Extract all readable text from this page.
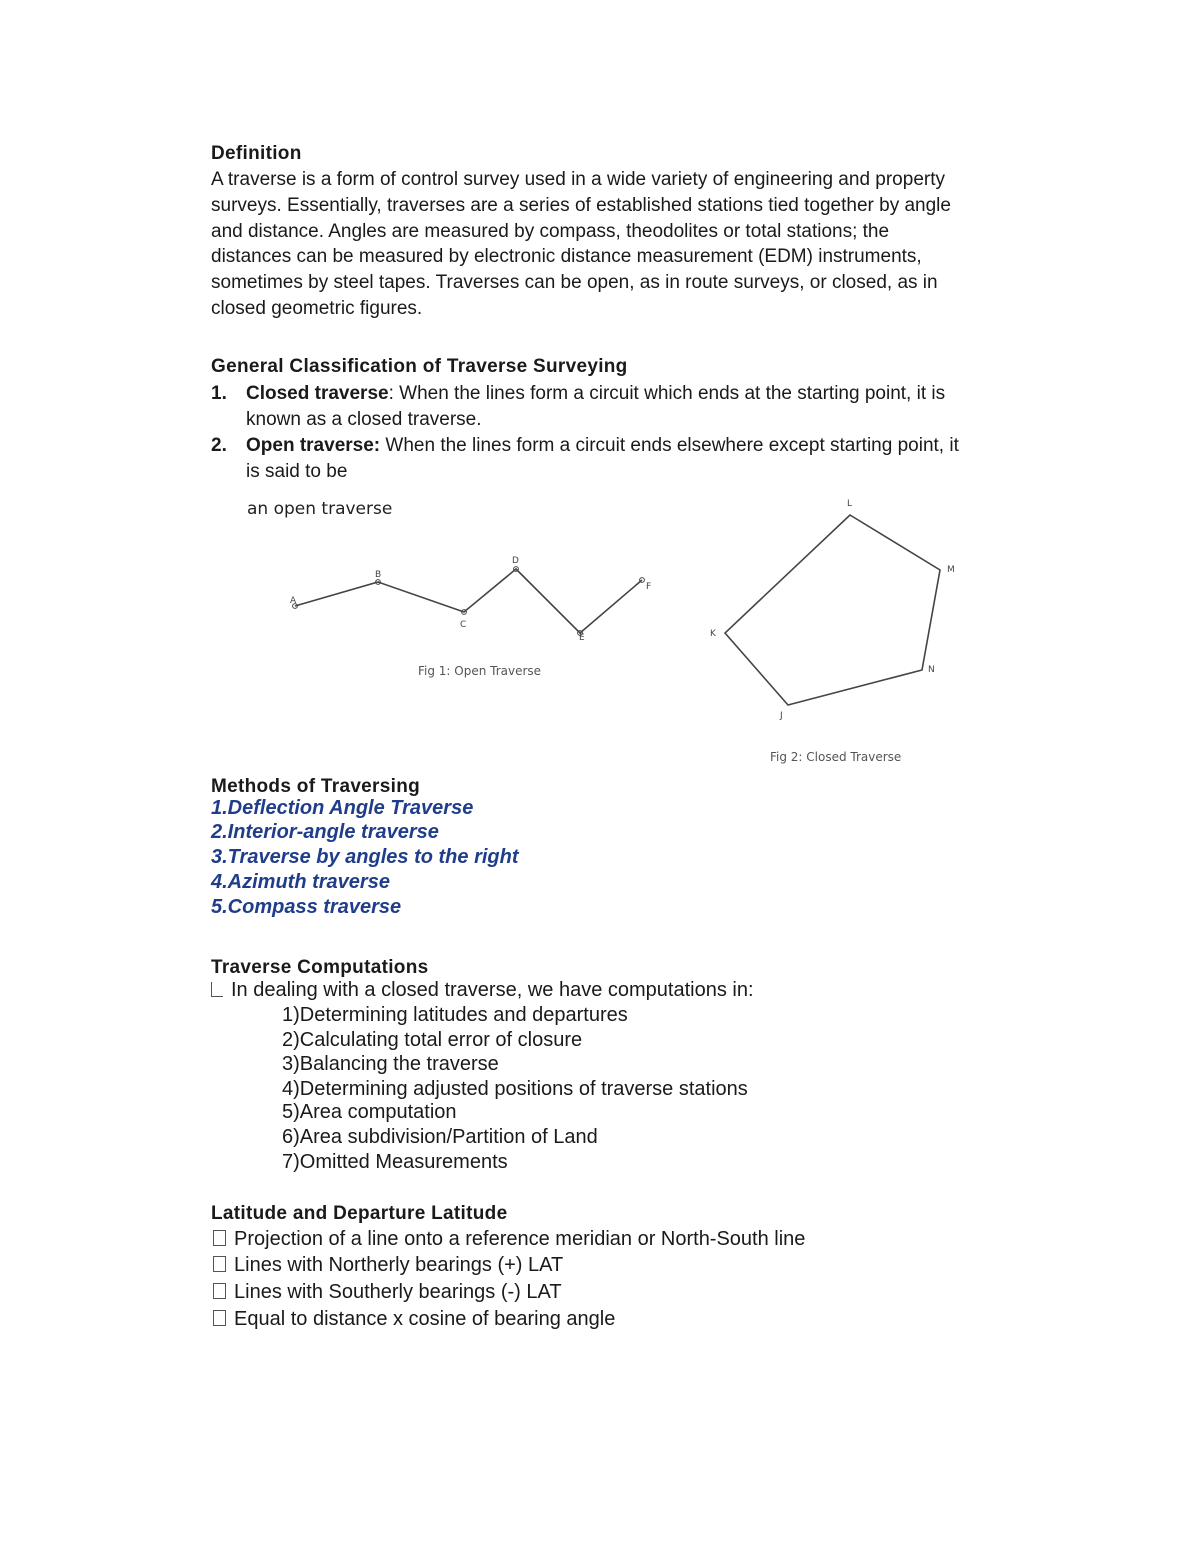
Definition
A traverse is a form of control survey used in a wide variety of engineering and property
surveys. Essentially, traverses are a series of established stations tied together by angle
and distance. Angles are measured by compass, theodolites or total stations; the
distances can be measured by electronic distance measurement (EDM) instruments,
sometimes by steel tapes. Traverses can be open, as in route surveys, or closed, as in
closed geometric figures.
General Classification of Traverse Surveying
1. Closed traverse: When the lines form a circuit which ends at the starting point, it is
known as a closed traverse.
2. Open traverse: When the lines form a circuit ends elsewhere except starting point, it
is said to be
an open traverse
A
B
C
D
E
F
Fig 1: Open Traverse
L
M
N
J
K
Fig 2: Closed Traverse
Methods of Traversing
1.Deflection Angle Traverse
2.Interior-angle traverse
3.Traverse by angles to the right
4.Azimuth traverse
5.Compass traverse
Traverse Computations
In dealing with a closed traverse, we have computations in:
1)Determining latitudes and departures
2)Calculating total error of closure
3)Balancing the traverse
4)Determining adjusted positions of traverse stations
5)Area computation
6)Area subdivision/Partition of Land
7)Omitted Measurements
Latitude and Departure Latitude
Projection of a line onto a reference meridian or North-South line
Lines with Northerly bearings (+) LAT
Lines with Southerly bearings (-) LAT
Equal to distance x cosine of bearing angle
